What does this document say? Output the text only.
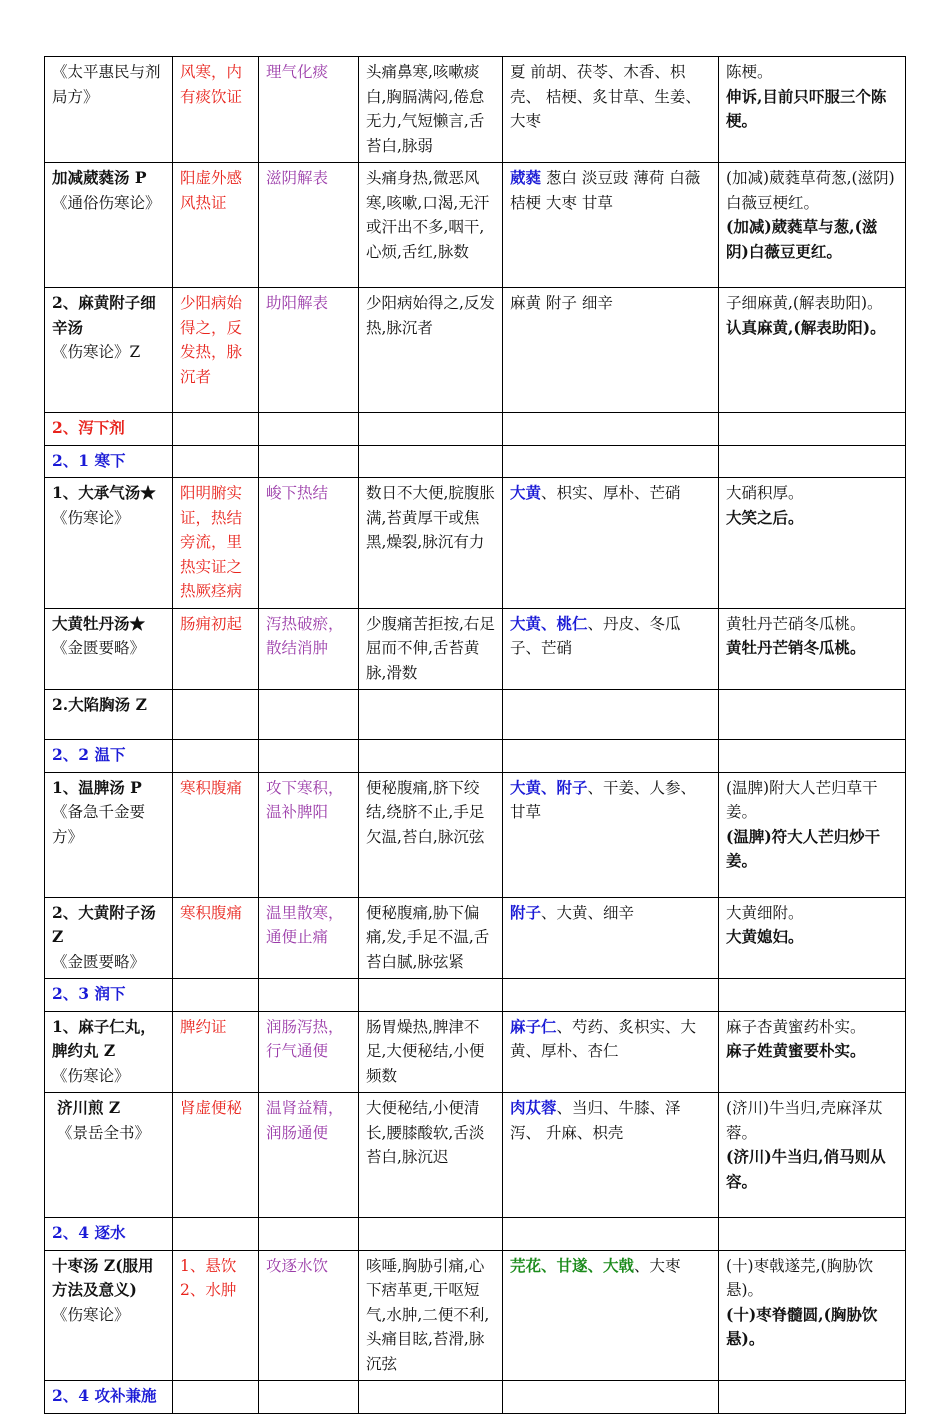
《太平惠民与剂局方》	风寒，内有痰饮证	理气化痰	头痛鼻寒,咳嗽痰白,胸膈满闷,倦怠无力,气短懒言,舌苔白,脉弱	夏 前胡、茯苓、木香、枳壳、 桔梗、炙甘草、生姜、大枣	陈梗。
伸诉,目前只吓服三个陈梗。

加减葳蕤汤 P
《通俗伤寒论》	阳虚外感风热证	滋阴解表	头痛身热,微恶风寒,咳嗽,口渴,无汗或汗出不多,咽干,心烦,舌红,脉数	葳蕤 葱白 淡豆豉 薄荷 白薇 桔梗 大枣 甘草	(加减)葳蕤草荷葱,(滋阴)白薇豆梗红。
(加减)葳蕤草与葱,(滋阴)白薇豆更红。

2、麻黄附子细辛汤
《伤寒论》Z	少阳病始得之，反发热，脉沉者	助阳解表	少阳病始得之,反发热,脉沉者	麻黄 附子 细辛	子细麻黄,(解表助阳)。
认真麻黄,(解表助阳)。

2、泻下剂					
2、1 寒下					

1、大承气汤★
《伤寒论》	阳明腑实证，热结旁流，里热实证之热厥痉病	峻下热结	数日不大便,脘腹胀满,苔黄厚干或焦黑,燥裂,脉沉有力	大黄、枳实、厚朴、芒硝	大硝积厚。
大笑之后。

大黄牡丹汤★
《金匮要略》	肠痈初起	泻热破瘀，散结消肿	少腹痛苦拒按,右足屈而不伸,舌苔黄脉,滑数	大黄、桃仁、丹皮、冬瓜子、芒硝	黄牡丹芒硝冬瓜桃。
黄牡丹芒销冬瓜桃。

2.大陷胸汤 Z					

2、2 温下					

1、温脾汤 P
《备急千金要方》	寒积腹痛	攻下寒积，温补脾阳	便秘腹痛,脐下绞结,绕脐不止,手足欠温,苔白,脉沉弦	大黄、附子、干姜、人参、甘草	(温脾)附大人芒归草干姜。
(温脾)符大人芒归炒干姜。

2、大黄附子汤 Z
《金匮要略》	寒积腹痛	温里散寒，通便止痛	便秘腹痛,胁下偏痛,发,手足不温,舌苔白腻,脉弦紧	附子、大黄、细辛	大黄细附。
大黄媳妇。

2、3 润下					

1、麻子仁丸，脾约丸 Z
《伤寒论》	脾约证	润肠泻热，行气通便	肠胃燥热,脾津不足,大便秘结,小便频数	麻子仁、芍药、炙枳实、大黄、厚朴、杏仁	麻子杏黄蜜药朴实。
麻子姓黄蜜要朴实。

济川煎 Z
《景岳全书》	肾虚便秘	温肾益精，润肠通便	大便秘结,小便清长,腰膝酸软,舌淡苔白,脉沉迟	肉苁蓉、当归、牛膝、泽泻、 升麻、枳壳	(济川)牛当归,壳麻泽苁蓉。
(济川)牛当归,俏马则从容。

2、4 逐水					

十枣汤 Z(服用方法及意义)
《伤寒论》	1、悬饮
2、水肿	攻逐水饮	咳唾,胸胁引痛,心下痞革更,干呕短气,水肿,二便不利,头痛目眩,苔滑,脉沉弦	芫花、甘遂、大戟、大枣	(十)枣戟遂芫,(胸胁饮悬)。
(十)枣脊髓圆,(胸胁饮悬)。

2、4 攻补兼施					
